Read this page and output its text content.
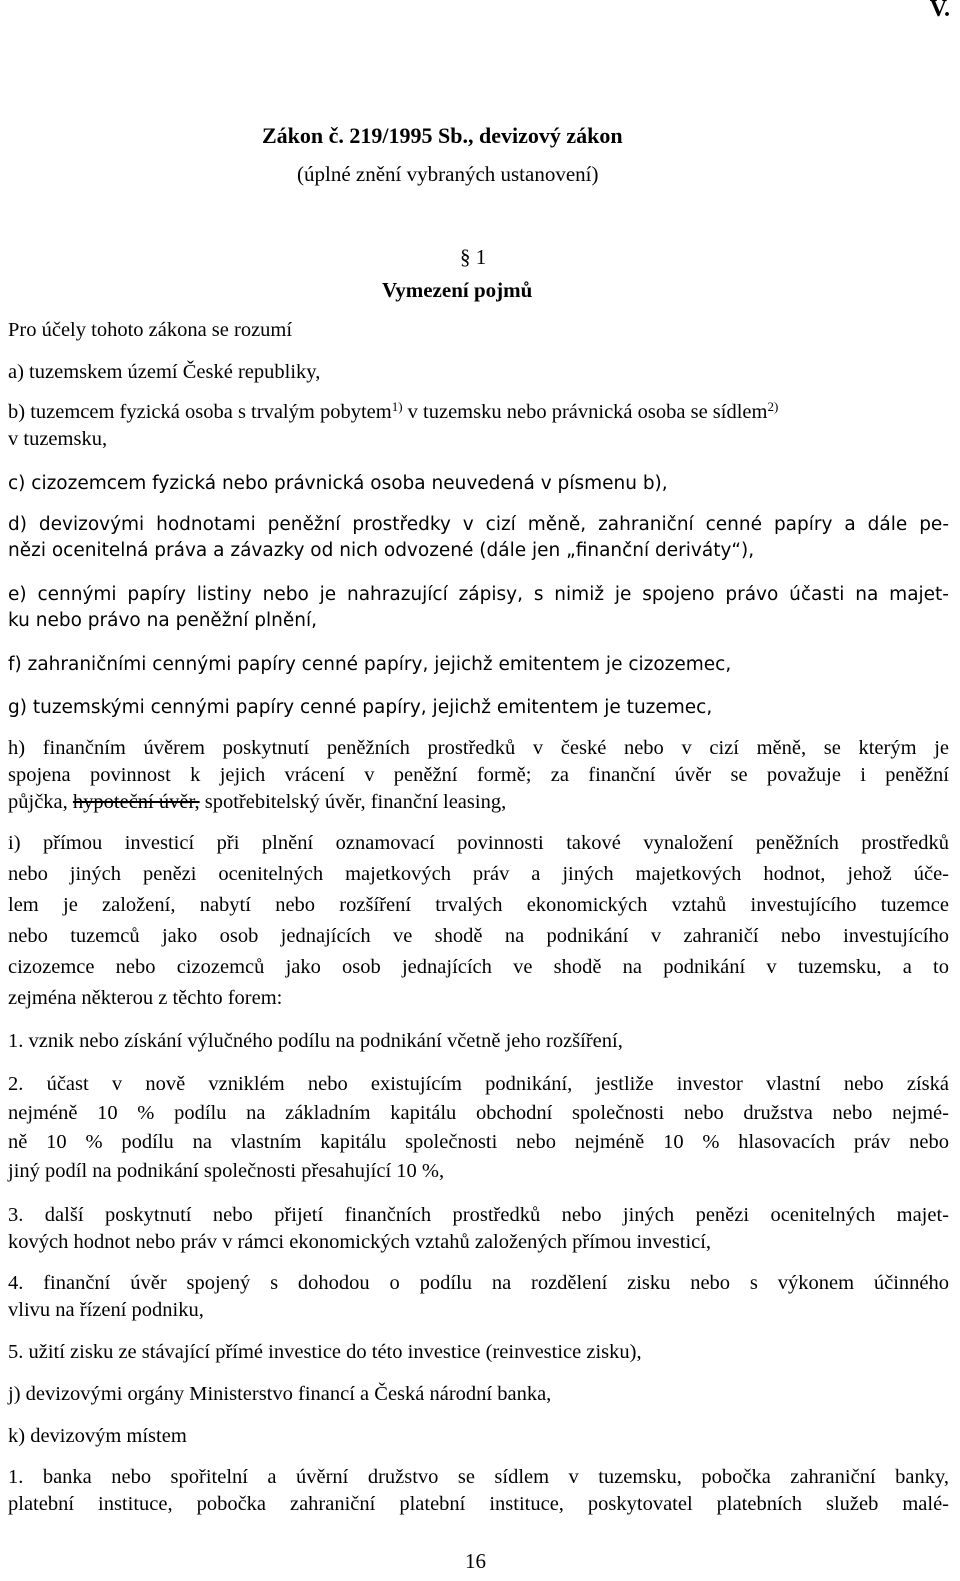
V.
Zákon č. 219/1995 Sb., devizový zákon
(úplné znění vybraných ustanovení)
§ 1
Vymezení pojmů
Pro účely tohoto zákona se rozumí
a) tuzemskem území České republiky,
b) tuzemcem fyzická osoba s trvalým pobytem$^{1)}$ v tuzemsku nebo právnická osoba se sídlem$^{2)}$
v tuzemsku,
c) cizozemcem fyzická nebo právnická osoba neuvedená v písmenu b),
d) devizovými hodnotami peněžní prostředky v cizí měně, zahraniční cenné papíry a dále pe-
nězi ocenitelná práva a závazky od nich odvozené (dále jen „finanční deriváty“),
e) cennými papíry listiny nebo je nahrazující zápisy, s nimiž je spojeno právo účasti na majet-
ku nebo právo na peněžní plnění,
f) zahraničními cennými papíry cenné papíry, jejichž emitentem je cizozemec,
g) tuzemskými cennými papíry cenné papíry, jejichž emitentem je tuzemec,
h) finančním úvěrem poskytnutí peněžních prostředků v české nebo v cizí měně, se kterým je
spojena povinnost k jejich vrácení v peněžní formě; za finanční úvěr se považuje i peněžní
půjčka, hypoteční úvěr, spotřebitelský úvěr, finanční leasing,
i) přímou investicí při plnění oznamovací povinnosti takové vynaložení peněžních prostředků
nebo jiných penězi ocenitelných majetkových práv a jiných majetkových hodnot, jehož úče-
lem je založení, nabytí nebo rozšíření trvalých ekonomických vztahů investujícího tuzemce
nebo tuzemců jako osob jednajících ve shodě na podnikání v zahraničí nebo investujícího
cizozemce nebo cizozemců jako osob jednajících ve shodě na podnikání v tuzemsku, a to
zejména některou z těchto forem:
1. vznik nebo získání výlučného podílu na podnikání včetně jeho rozšíření,
2. účast v nově vzniklém nebo existujícím podnikání, jestliže investor vlastní nebo získá
nejméně 10 % podílu na základním kapitálu obchodní společnosti nebo družstva nebo nejmé-
ně 10 % podílu na vlastním kapitálu společnosti nebo nejméně 10 % hlasovacích práv nebo
jiný podíl na podnikání společnosti přesahující 10 %,
3. další poskytnutí nebo přijetí finančních prostředků nebo jiných penězi ocenitelných majet-
kových hodnot nebo práv v rámci ekonomických vztahů založených přímou investicí,
4. finanční úvěr spojený s dohodou o podílu na rozdělení zisku nebo s výkonem účinného
vlivu na řízení podniku,
5. užití zisku ze stávající přímé investice do této investice (reinvestice zisku),
j) devizovými orgány Ministerstvo financí a Česká národní banka,
k) devizovým místem
1. banka nebo spořitelní a úvěrní družstvo se sídlem v tuzemsku, pobočka zahraniční banky,
platební instituce, pobočka zahraniční platební instituce, poskytovatel platebních služeb malé-
16
